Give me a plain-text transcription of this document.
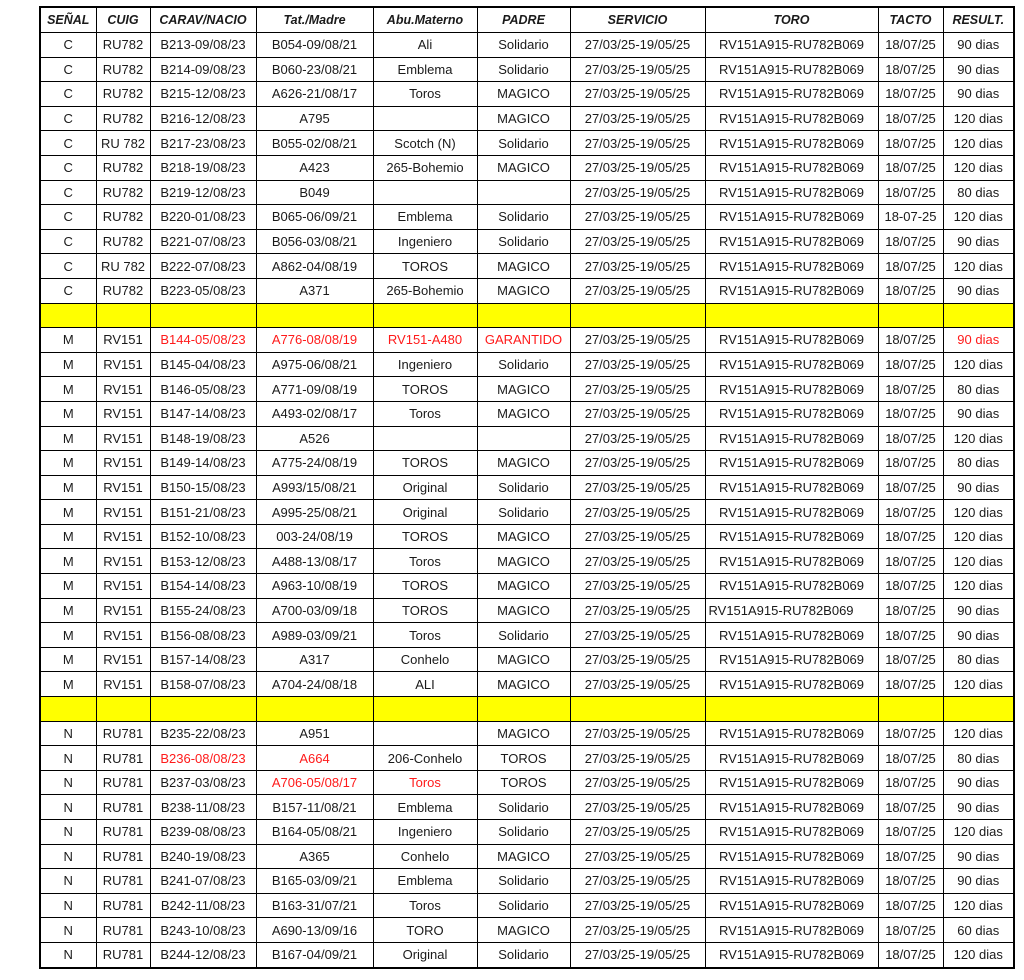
SEÑAL	CUIG	CARAV/NACIO	Tat./Madre	Abu.Materno	PADRE	SERVICIO	TORO	TACTO	RESULT.
C	RU782	B213-09/08/23	B054-09/08/21	Ali	Solidario	27/03/25-19/05/25	RV151A915-RU782B069	18/07/25	90 dias
C	RU782	B214-09/08/23	B060-23/08/21	Emblema	Solidario	27/03/25-19/05/25	RV151A915-RU782B069	18/07/25	90 dias
C	RU782	B215-12/08/23	A626-21/08/17	Toros	MAGICO	27/03/25-19/05/25	RV151A915-RU782B069	18/07/25	90 dias
C	RU782	B216-12/08/23	A795		MAGICO	27/03/25-19/05/25	RV151A915-RU782B069	18/07/25	120 dias
C	RU 782	B217-23/08/23	B055-02/08/21	Scotch (N)	Solidario	27/03/25-19/05/25	RV151A915-RU782B069	18/07/25	120 dias
C	RU782	B218-19/08/23	A423	265-Bohemio	MAGICO	27/03/25-19/05/25	RV151A915-RU782B069	18/07/25	120 dias
C	RU782	B219-12/08/23	B049			27/03/25-19/05/25	RV151A915-RU782B069	18/07/25	80 dias
C	RU782	B220-01/08/23	B065-06/09/21	Emblema	Solidario	27/03/25-19/05/25	RV151A915-RU782B069	18-07-25	120 dias
C	RU782	B221-07/08/23	B056-03/08/21	Ingeniero	Solidario	27/03/25-19/05/25	RV151A915-RU782B069	18/07/25	90 dias
C	RU 782	B222-07/08/23	A862-04/08/19	TOROS	MAGICO	27/03/25-19/05/25	RV151A915-RU782B069	18/07/25	120 dias
C	RU782	B223-05/08/23	A371	265-Bohemio	MAGICO	27/03/25-19/05/25	RV151A915-RU782B069	18/07/25	90 dias

M	RV151	B144-05/08/23	A776-08/08/19	RV151-A480	GARANTIDO	27/03/25-19/05/25	RV151A915-RU782B069	18/07/25	90 dias
M	RV151	B145-04/08/23	A975-06/08/21	Ingeniero	Solidario	27/03/25-19/05/25	RV151A915-RU782B069	18/07/25	120 dias
M	RV151	B146-05/08/23	A771-09/08/19	TOROS	MAGICO	27/03/25-19/05/25	RV151A915-RU782B069	18/07/25	80 dias
M	RV151	B147-14/08/23	A493-02/08/17	Toros	MAGICO	27/03/25-19/05/25	RV151A915-RU782B069	18/07/25	90 dias
M	RV151	B148-19/08/23	A526			27/03/25-19/05/25	RV151A915-RU782B069	18/07/25	120 dias
M	RV151	B149-14/08/23	A775-24/08/19	TOROS	MAGICO	27/03/25-19/05/25	RV151A915-RU782B069	18/07/25	80 dias
M	RV151	B150-15/08/23	A993/15/08/21	Original	Solidario	27/03/25-19/05/25	RV151A915-RU782B069	18/07/25	90 dias
M	RV151	B151-21/08/23	A995-25/08/21	Original	Solidario	27/03/25-19/05/25	RV151A915-RU782B069	18/07/25	120 dias
M	RV151	B152-10/08/23	003-24/08/19	TOROS	MAGICO	27/03/25-19/05/25	RV151A915-RU782B069	18/07/25	120 dias
M	RV151	B153-12/08/23	A488-13/08/17	Toros	MAGICO	27/03/25-19/05/25	RV151A915-RU782B069	18/07/25	120 dias
M	RV151	B154-14/08/23	A963-10/08/19	TOROS	MAGICO	27/03/25-19/05/25	RV151A915-RU782B069	18/07/25	120 dias
M	RV151	B155-24/08/23	A700-03/09/18	TOROS	MAGICO	27/03/25-19/05/25	RV151A915-RU782B069	18/07/25	90 dias
M	RV151	B156-08/08/23	A989-03/09/21	Toros	Solidario	27/03/25-19/05/25	RV151A915-RU782B069	18/07/25	90 dias
M	RV151	B157-14/08/23	A317	Conhelo	MAGICO	27/03/25-19/05/25	RV151A915-RU782B069	18/07/25	80 dias
M	RV151	B158-07/08/23	A704-24/08/18	ALI	MAGICO	27/03/25-19/05/25	RV151A915-RU782B069	18/07/25	120 dias

N	RU781	B235-22/08/23	A951		MAGICO	27/03/25-19/05/25	RV151A915-RU782B069	18/07/25	120 dias
N	RU781	B236-08/08/23	A664	206-Conhelo	TOROS	27/03/25-19/05/25	RV151A915-RU782B069	18/07/25	80 dias
N	RU781	B237-03/08/23	A706-05/08/17	Toros	TOROS	27/03/25-19/05/25	RV151A915-RU782B069	18/07/25	90 dias
N	RU781	B238-11/08/23	B157-11/08/21	Emblema	Solidario	27/03/25-19/05/25	RV151A915-RU782B069	18/07/25	90 dias
N	RU781	B239-08/08/23	B164-05/08/21	Ingeniero	Solidario	27/03/25-19/05/25	RV151A915-RU782B069	18/07/25	120 dias
N	RU781	B240-19/08/23	A365	Conhelo	MAGICO	27/03/25-19/05/25	RV151A915-RU782B069	18/07/25	90 dias
N	RU781	B241-07/08/23	B165-03/09/21	Emblema	Solidario	27/03/25-19/05/25	RV151A915-RU782B069	18/07/25	90 dias
N	RU781	B242-11/08/23	B163-31/07/21	Toros	Solidario	27/03/25-19/05/25	RV151A915-RU782B069	18/07/25	120 dias
N	RU781	B243-10/08/23	A690-13/09/16	TORO	MAGICO	27/03/25-19/05/25	RV151A915-RU782B069	18/07/25	60 dias
N	RU781	B244-12/08/23	B167-04/09/21	Original	Solidario	27/03/25-19/05/25	RV151A915-RU782B069	18/07/25	120 dias
